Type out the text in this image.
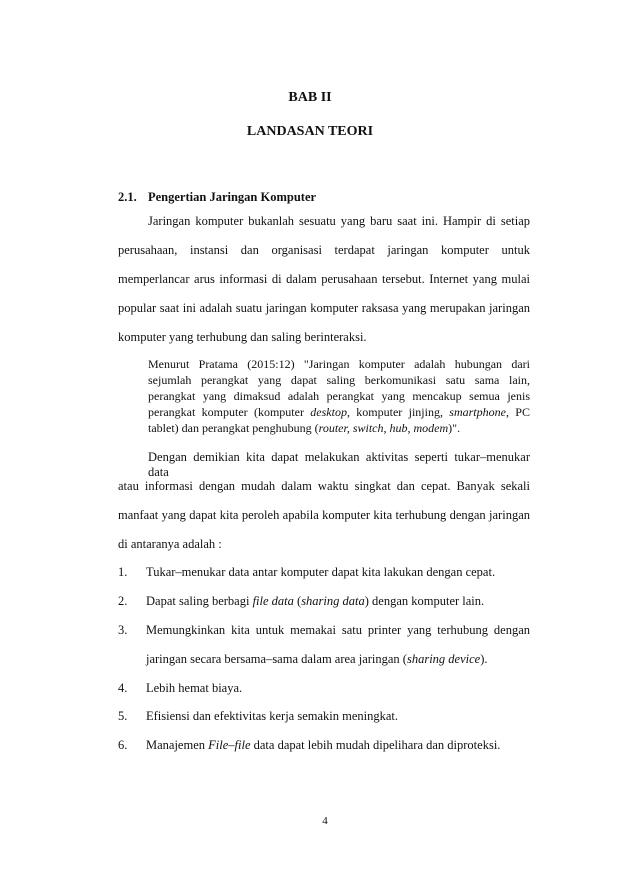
BAB II
LANDASAN TEORI
2.1. Pengertian Jaringan Komputer
Jaringan komputer bukanlah sesuatu yang baru saat ini. Hampir di setiap
perusahaan, instansi dan organisasi terdapat jaringan komputer untuk
memperlancar arus informasi di dalam perusahaan tersebut. Internet yang mulai
popular saat ini adalah suatu jaringan komputer raksasa yang merupakan jaringan
komputer yang terhubung dan saling berinteraksi.
Menurut Pratama (2015:12) "Jaringan komputer adalah hubungan dari
sejumlah perangkat yang dapat saling berkomunikasi satu sama lain,
perangkat yang dimaksud adalah perangkat yang mencakup semua jenis
perangkat komputer (komputer desktop, komputer jinjing, smartphone, PC
tablet) dan perangkat penghubung (router, switch, hub, modem)".
Dengan demikian kita dapat melakukan aktivitas seperti tukar–menukar data
atau informasi dengan mudah dalam waktu singkat dan cepat. Banyak sekali
manfaat yang dapat kita peroleh apabila komputer kita terhubung dengan jaringan
di antaranya adalah :
1. Tukar–menukar data antar komputer dapat kita lakukan dengan cepat.
2. Dapat saling berbagi file data (sharing data) dengan komputer lain.
3. Memungkinkan kita untuk memakai satu printer yang terhubung dengan
jaringan secara bersama–sama dalam area jaringan (sharing device).
4. Lebih hemat biaya.
5. Efisiensi dan efektivitas kerja semakin meningkat.
6. Manajemen File–file data dapat lebih mudah dipelihara dan diproteksi.
4
